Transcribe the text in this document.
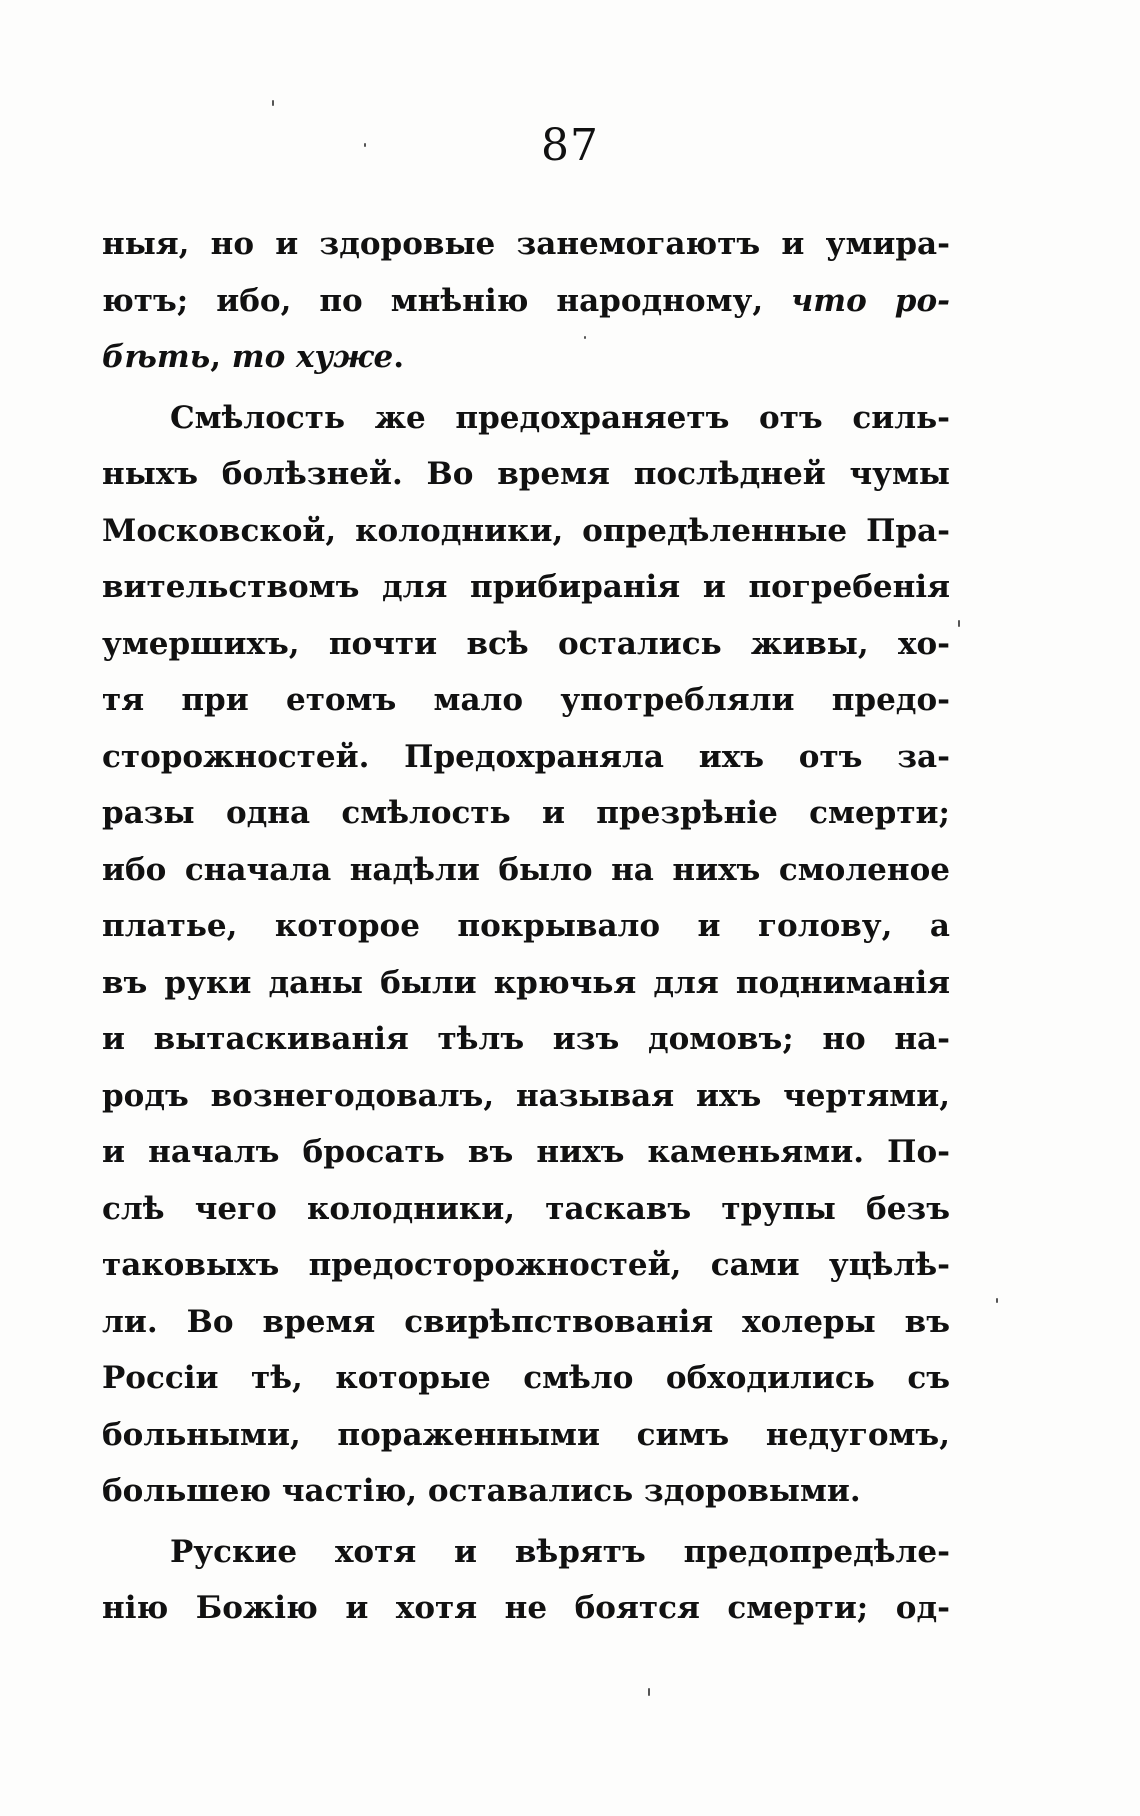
87
ныя, но и здоровые занемогаютъ и умира-
ютъ; ибо, по мнѣнію народному, что ро-
бѣть, то хуже.
Смѣлость же предохраняетъ отъ силь-
ныхъ болѣзней. Во время послѣдней чумы
Московской, колодники, опредѣленные Пра-
вительствомъ для прибиранія и погребенія
умершихъ, почти всѣ остались живы, хо-
тя при етомъ мало употребляли предо-
сторожностей. Предохраняла ихъ отъ за-
разы одна смѣлость и презрѣніе смерти;
ибо сначала надѣли было на нихъ смоленое
платье, которое покрывало и голову, а
въ руки даны были крючья для подниманія
и вытаскиванія тѣлъ изъ домовъ; но на-
родъ вознегодовалъ, называя ихъ чертями,
и началъ бросать въ нихъ каменьями. По-
слѣ чего колодники, таскавъ трупы безъ
таковыхъ предосторожностей, сами уцѣлѣ-
ли. Во время свирѣпствованія холеры въ
Россіи тѣ, которые смѣло обходились съ
больными, пораженными симъ недугомъ,
большею частію, оставались здоровыми.
Руские хотя и вѣрятъ предопредѣле-
нію Божію и хотя не боятся смерти; од-
